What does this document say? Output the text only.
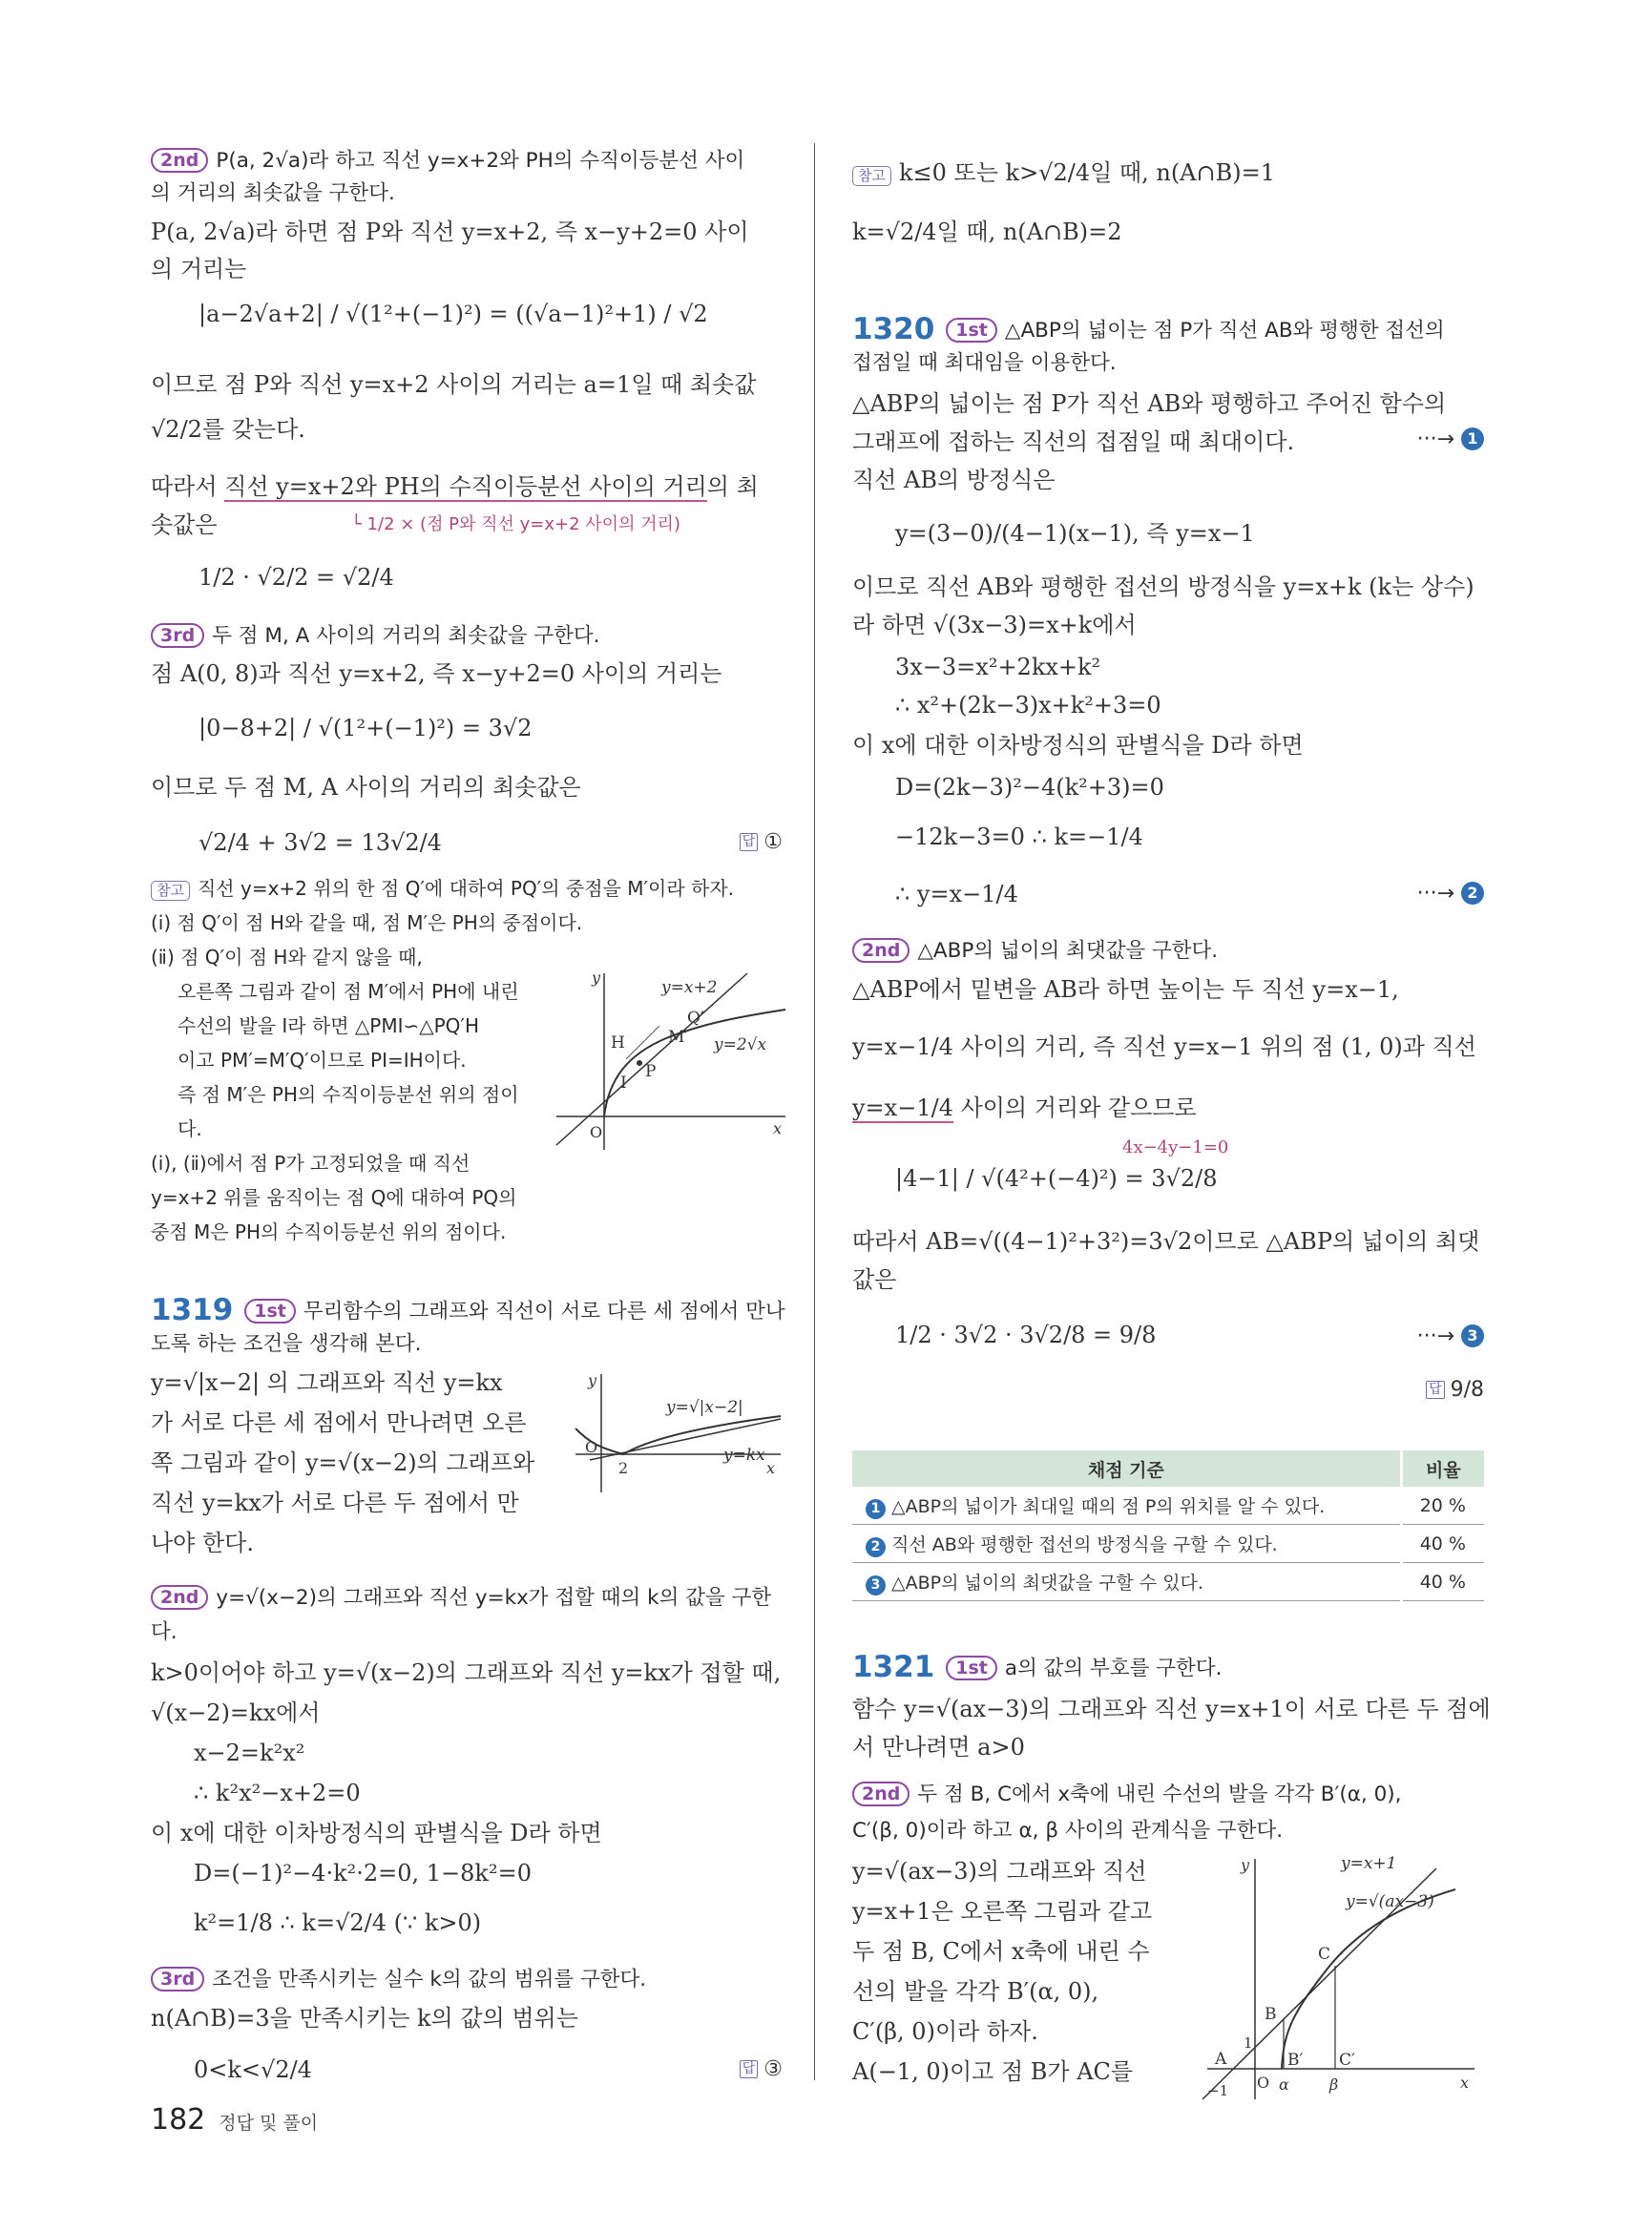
2nd P(a, 2√a)라 하고 직선 y=x+2와 PH의 수직이등분선 사이
의 거리의 최솟값을 구한다.
P(a, 2√a)라 하면 점 P와 직선 y=x+2, 즉 x−y+2=0 사이
의 거리는
|a−2√a+2| / √(1²+(−1)²) = ((√a−1)²+1) / √2
이므로 점 P와 직선 y=x+2 사이의 거리는 a=1일 때 최솟값
√2/2를 갖는다.
따라서 직선 y=x+2와 PH의 수직이등분선 사이의 거리의 최
솟값은	└ 1/2 × (점 P와 직선 y=x+2 사이의 거리)
1/2 · √2/2 = √2/4
3rd 두 점 M, A 사이의 거리의 최솟값을 구한다.
점 A(0, 8)과 직선 y=x+2, 즉 x−y+2=0 사이의 거리는
|0−8+2| / √(1²+(−1)²) = 3√2
이므로 두 점 M, A 사이의 거리의 최솟값은
√2/4 + 3√2 = 13√2/4	답 ①
참고 직선 y=x+2 위의 한 점 Q′에 대하여 PQ′의 중점을 M′이라 하자.
(ⅰ) 점 Q′이 점 H와 같을 때, 점 M′은 PH의 중점이다.
(ⅱ) 점 Q′이 점 H와 같지 않을 때,
오른쪽 그림과 같이 점 M′에서 PH에 내린
수선의 발을 I라 하면 △PMI∽△PQ′H
이고 PM′=M′Q′이므로 PI=IH이다.
즉 점 M′은 PH의 수직이등분선 위의 점이
다.
(ⅰ), (ⅱ)에서 점 P가 고정되었을 때 직선
y=x+2 위를 움직이는 점 Q에 대하여 PQ의
중점 M은 PH의 수직이등분선 위의 점이다.
y=x+2
y=2√x
y
x
O
Q′
M′
H
P
I
1319 1st 무리함수의 그래프와 직선이 서로 다른 세 점에서 만나
도록 하는 조건을 생각해 본다.
y=√|x−2| 의 그래프와 직선 y=kx
가 서로 다른 세 점에서 만나려면 오른
쪽 그림과 같이 y=√(x−2)의 그래프와
직선 y=kx가 서로 다른 두 점에서 만
나야 한다.
y=√|x−2|
y=kx
y
x
O
2
2nd y=√(x−2)의 그래프와 직선 y=kx가 접할 때의 k의 값을 구한
다.
k>0이어야 하고 y=√(x−2)의 그래프와 직선 y=kx가 접할 때,
√(x−2)=kx에서
x−2=k²x²
∴ k²x²−x+2=0
이 x에 대한 이차방정식의 판별식을 D라 하면
D=(−1)²−4·k²·2=0, 1−8k²=0
k²=1/8 ∴ k=√2/4 (∵ k>0)
3rd 조건을 만족시키는 실수 k의 값의 범위를 구한다.
n(A∩B)=3을 만족시키는 k의 값의 범위는
0<k<√2/4	답 ③
참고 k≤0 또는 k>√2/4일 때, n(A∩B)=1
k=√2/4일 때, n(A∩B)=2
1320 1st △ABP의 넓이는 점 P가 직선 AB와 평행한 접선의
접점일 때 최대임을 이용한다.
△ABP의 넓이는 점 P가 직선 AB와 평행하고 주어진 함수의
그래프에 접하는 직선의 접점일 때 최대이다.	···→ 1
직선 AB의 방정식은
y=(3−0)/(4−1)(x−1), 즉 y=x−1
이므로 직선 AB와 평행한 접선의 방정식을 y=x+k (k는 상수)
라 하면 √(3x−3)=x+k에서
3x−3=x²+2kx+k²
∴ x²+(2k−3)x+k²+3=0
이 x에 대한 이차방정식의 판별식을 D라 하면
D=(2k−3)²−4(k²+3)=0
−12k−3=0 ∴ k=−1/4
∴ y=x−1/4	···→ 2
2nd △ABP의 넓이의 최댓값을 구한다.
△ABP에서 밑변을 AB라 하면 높이는 두 직선 y=x−1,
y=x−1/4 사이의 거리, 즉 직선 y=x−1 위의 점 (1, 0)과 직선
y=x−1/4 사이의 거리와 같으므로
4x−4y−1=0
|4−1| / √(4²+(−4)²) = 3√2/8
따라서 AB=√((4−1)²+3²)=3√2이므로 △ABP의 넓이의 최댓
값은
1/2 · 3√2 · 3√2/8 = 9/8	···→ 3
답 9/8
채점 기준	비율
1 △ABP의 넓이가 최대일 때의 점 P의 위치를 알 수 있다.	20 %
2 직선 AB와 평행한 접선의 방정식을 구할 수 있다.	40 %
3 △ABP의 넓이의 최댓값을 구할 수 있다.	40 %
1321 1st a의 값의 부호를 구한다.
함수 y=√(ax−3)의 그래프와 직선 y=x+1이 서로 다른 두 점에
서 만나려면 a>0
2nd 두 점 B, C에서 x축에 내린 수선의 발을 각각 B′(α, 0),
C′(β, 0)이라 하고 α, β 사이의 관계식을 구한다.
y=√(ax−3)의 그래프와 직선
y=x+1은 오른쪽 그림과 같고
두 점 B, C에서 x축에 내린 수
선의 발을 각각 B′(α, 0),
C′(β, 0)이라 하자.
A(−1, 0)이고 점 B가 AC를
y=x+1
y=√(ax−3)
y
x
O
A
B
C
B′ C′
1
−1	α	β
182 정답 및 풀이
